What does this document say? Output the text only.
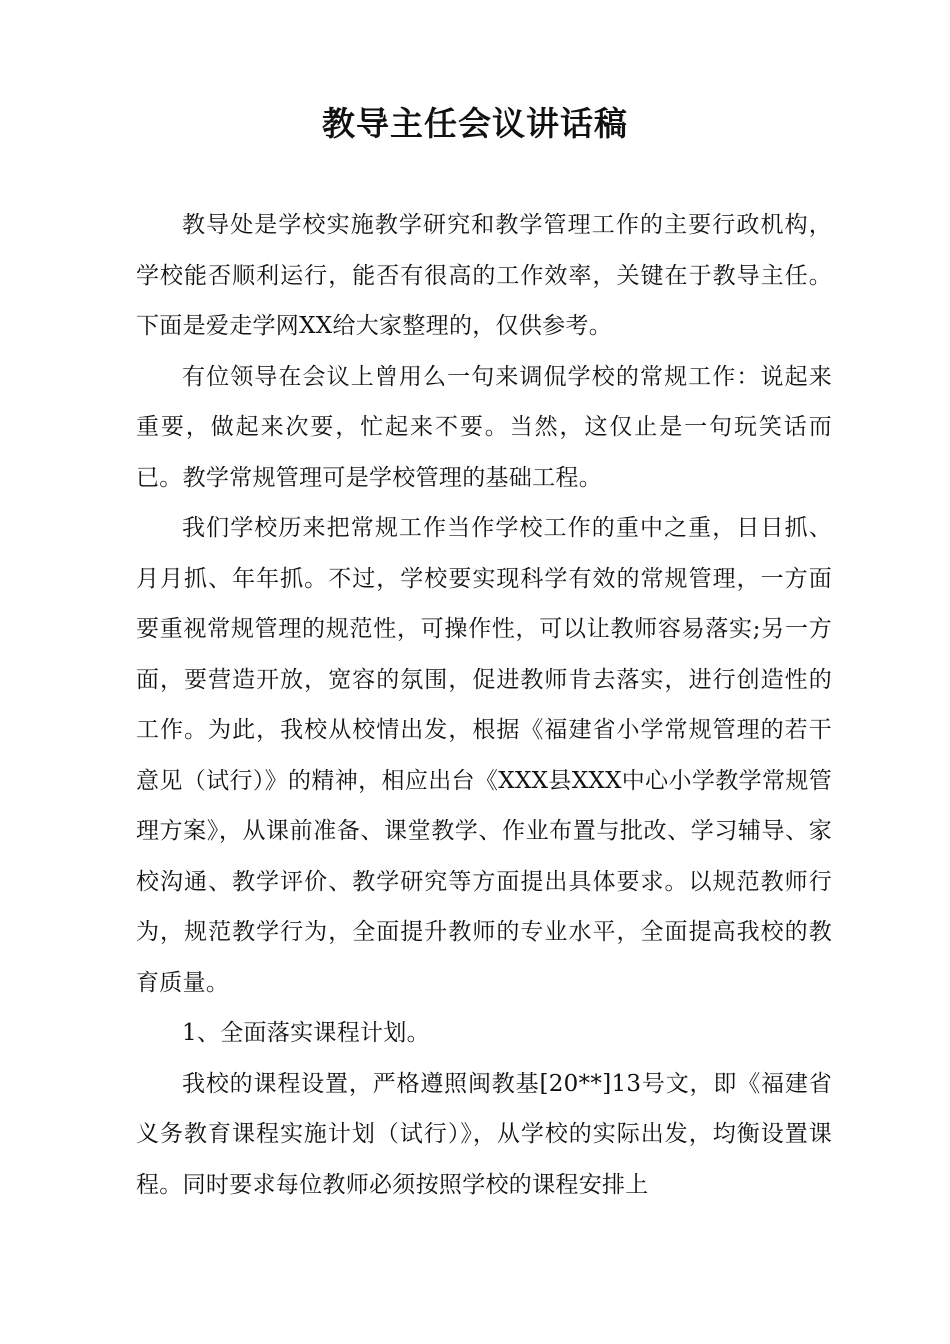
教导主任会议讲话稿

教导处是学校实施教学研究和教学管理工作的主要行政机构，学校能否顺利运行，能否有很高的工作效率，关键在于教导主任。下面是爱走学网XX给大家整理的，仅供参考。

有位领导在会议上曾用么一句来调侃学校的常规工作：说起来重要，做起来次要，忙起来不要。当然，这仅止是一句玩笑话而已。教学常规管理可是学校管理的基础工程。

我们学校历来把常规工作当作学校工作的重中之重，日日抓、月月抓、年年抓。不过，学校要实现科学有效的常规管理，一方面要重视常规管理的规范性，可操作性，可以让教师容易落实;另一方面，要营造开放，宽容的氛围，促进教师肯去落实，进行创造性的工作。为此，我校从校情出发，根据《福建省小学常规管理的若干意见（试行）》的精神，相应出台《XXX县XXX中心小学教学常规管理方案》，从课前准备、课堂教学、作业布置与批改、学习辅导、家校沟通、教学评价、教学研究等方面提出具体要求。以规范教师行为，规范教学行为，全面提升教师的专业水平，全面提高我校的教育质量。

1、全面落实课程计划。

我校的课程设置，严格遵照闽教基[20**]13号文，即《福建省义务教育课程实施计划（试行）》，从学校的实际出发，均衡设置课程。同时要求每位教师必须按照学校的课程安排上
